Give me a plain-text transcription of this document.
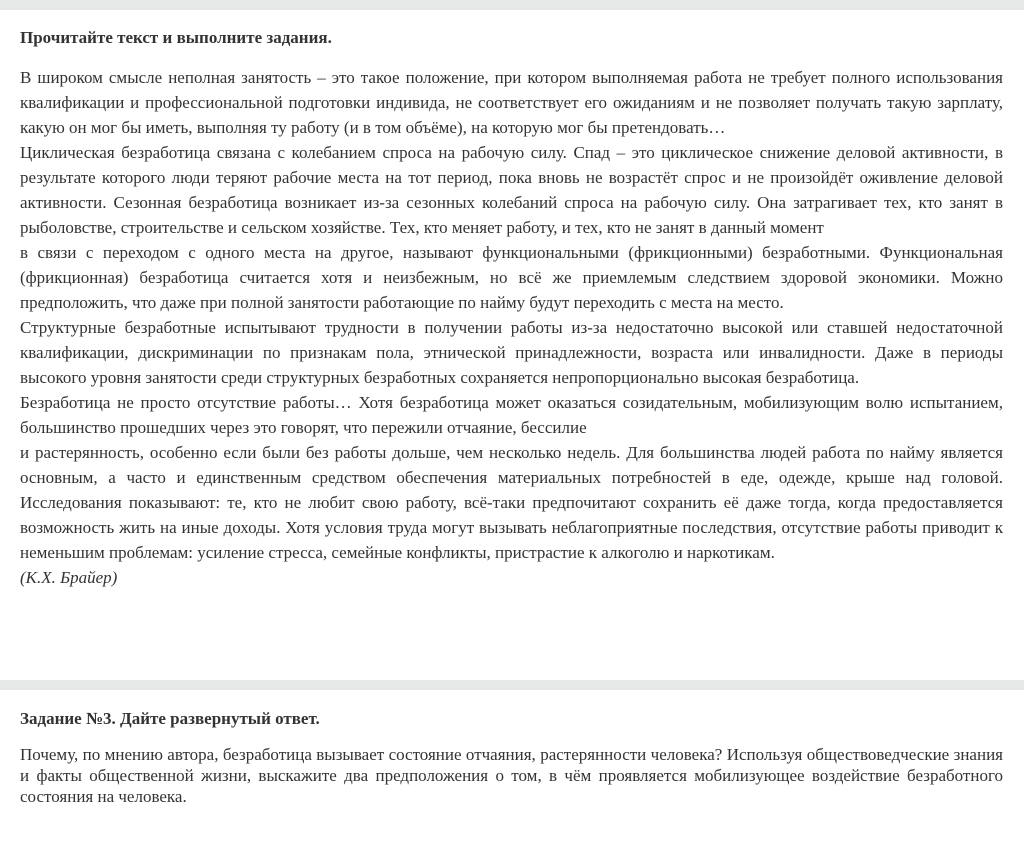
Прочитайте текст и выполните задания.

В широком смысле неполная занятость – это такое положение, при котором выполняемая работа не требует полного использования квалификации и профессиональной подготовки индивида, не соответствует его ожиданиям и не позволяет получать такую зарплату, какую он мог бы иметь, выполняя ту работу (и в том объёме), на которую мог бы претендовать…

Циклическая безработица связана с колебанием спроса на рабочую силу. Спад – это циклическое снижение деловой активности, в результате которого люди теряют рабочие места на тот период, пока вновь не возрастёт спрос и не произойдёт оживление деловой активности. Сезонная безработица возникает из-за сезонных колебаний спроса на рабочую силу. Она затрагивает тех, кто занят в рыболовстве, строительстве и сельском хозяйстве. Тех, кто меняет работу, и тех, кто не занят в данный момент

в связи с переходом с одного места на другое, называют функциональными (фрикционными) безработными. Функциональная (фрикционная) безработица считается хотя и неизбежным, но всё же приемлемым следствием здоровой экономики. Можно предположить, что даже при полной занятости работающие по найму будут переходить с места на место.

Структурные безработные испытывают трудности в получении работы из-за недостаточно высокой или ставшей недостаточной квалификации, дискриминации по признакам пола, этнической принадлежности, возраста или инвалидности. Даже в периоды высокого уровня занятости среди структурных безработных сохраняется непропорционально высокая безработица.

Безработица не просто отсутствие работы… Хотя безработица может оказаться созидательным, мобилизующим волю испытанием, большинство прошедших через это говорят, что пережили отчаяние, бессилие

и растерянность, особенно если были без работы дольше, чем несколько недель. Для большинства людей работа по найму является основным, а часто и единственным средством обеспечения материальных потребностей в еде, одежде, крыше над головой. Исследования показывают: те, кто не любит свою работу, всё-таки предпочитают сохранить её даже тогда, когда предоставляется возможность жить на иные доходы. Хотя условия труда могут вызывать неблагоприятные последствия, отсутствие работы приводит к неменьшим проблемам: усиление стресса, семейные конфликты, пристрастие к алкоголю и наркотикам.

(К.Х. Брайер)

Задание №3. Дайте развернутый ответ.

Почему, по мнению автора, безработица вызывает состояние отчаяния, растерянности человека? Используя обществоведческие знания и факты общественной жизни, выскажите два предположения о том, в чём проявляется мобилизующее воздействие безработного состояния на человека.
